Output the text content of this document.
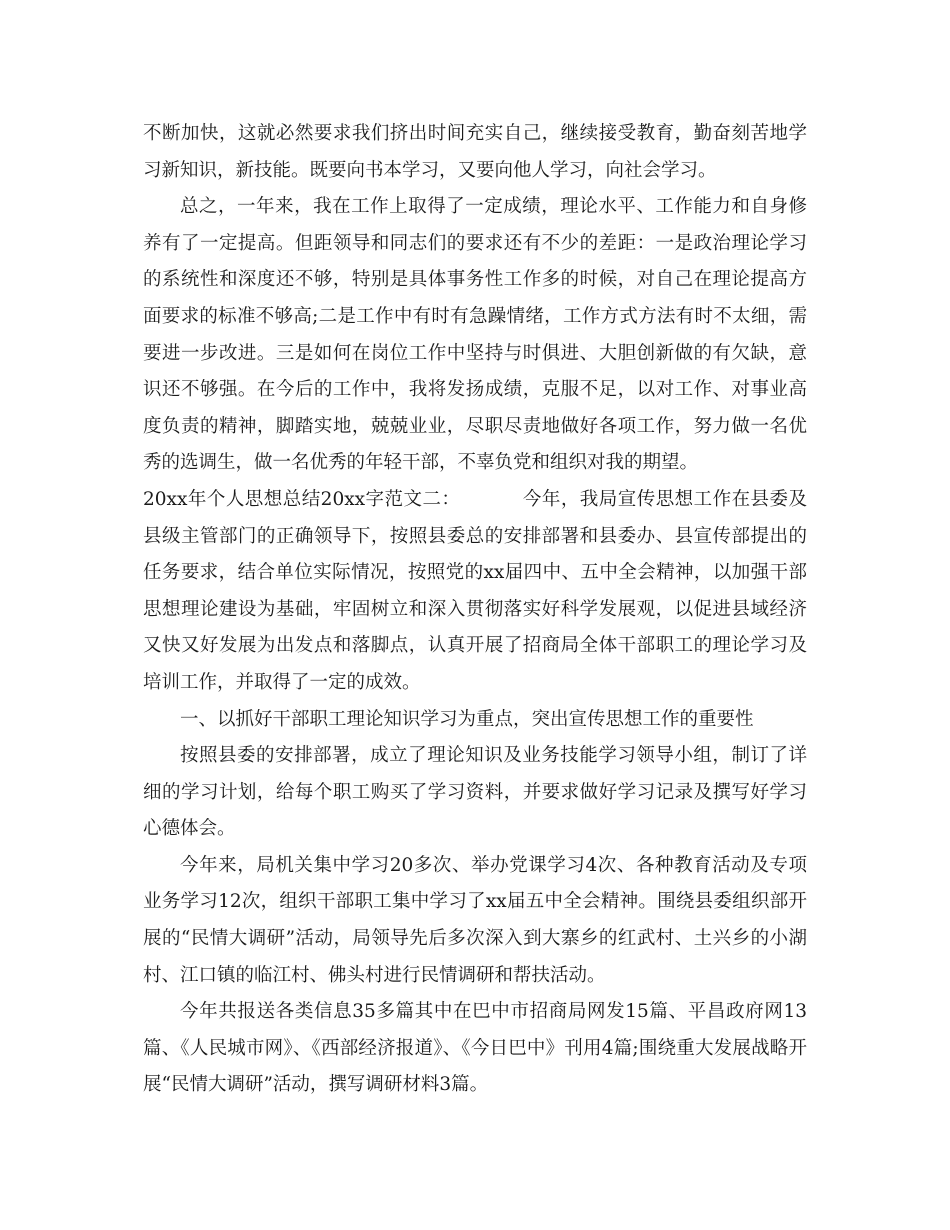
不断加快，这就必然要求我们挤出时间充实自己，继续接受教育，勤奋刻苦地学习新知识，新技能。既要向书本学习，又要向他人学习，向社会学习。

总之，一年来，我在工作上取得了一定成绩，理论水平、工作能力和自身修养有了一定提高。但距领导和同志们的要求还有不少的差距：一是政治理论学习的系统性和深度还不够，特别是具体事务性工作多的时候，对自己在理论提高方面要求的标准不够高;二是工作中有时有急躁情绪，工作方式方法有时不太细，需要进一步改进。三是如何在岗位工作中坚持与时俱进、大胆创新做的有欠缺，意识还不够强。在今后的工作中，我将发扬成绩，克服不足，以对工作、对事业高度负责的精神，脚踏实地，兢兢业业，尽职尽责地做好各项工作，努力做一名优秀的选调生，做一名优秀的年轻干部，不辜负党和组织对我的期望。

20xx年个人思想总结20xx字范文二：	今年，我局宣传思想工作在县委及县级主管部门的正确领导下，按照县委总的安排部署和县委办、县宣传部提出的任务要求，结合单位实际情况，按照党的xx届四中、五中全会精神，以加强干部思想理论建设为基础，牢固树立和深入贯彻落实好科学发展观，以促进县域经济又快又好发展为出发点和落脚点，认真开展了招商局全体干部职工的理论学习及培训工作，并取得了一定的成效。

一、以抓好干部职工理论知识学习为重点，突出宣传思想工作的重要性

按照县委的安排部署，成立了理论知识及业务技能学习领导小组，制订了详细的学习计划，给每个职工购买了学习资料，并要求做好学习记录及撰写好学习心德体会。

今年来，局机关集中学习20多次、举办党课学习4次、各种教育活动及专项业务学习12次，组织干部职工集中学习了xx届五中全会精神。围绕县委组织部开展的“民情大调研”活动，局领导先后多次深入到大寨乡的红武村、土兴乡的小湖村、江口镇的临江村、佛头村进行民情调研和帮扶活动。

今年共报送各类信息35多篇其中在巴中市招商局网发15篇、平昌政府网13篇、《人民城市网》、《西部经济报道》、《今日巴中》刊用4篇;围绕重大发展战略开展“民情大调研”活动，撰写调研材料3篇。
